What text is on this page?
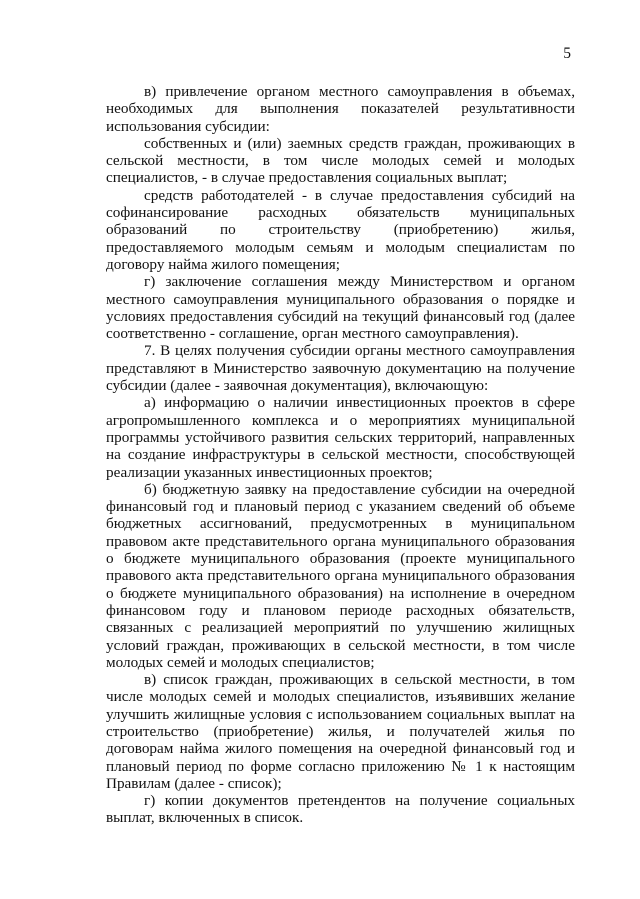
5

в) привлечение органом местного самоуправления в объемах, необходимых для выполнения показателей результативности использования субсидии:

собственных и (или) заемных средств граждан, проживающих в сельской местности, в том числе молодых семей и молодых специалистов, - в случае предоставления социальных выплат;

средств работодателей - в случае предоставления субсидий на софинансирование расходных обязательств муниципальных образований по строительству (приобретению) жилья, предоставляемого молодым семьям и молодым специалистам по договору найма жилого помещения;

г) заключение соглашения между Министерством и органом местного самоуправления муниципального образования о порядке и условиях предоставления субсидий на текущий финансовый год (далее соответственно - соглашение, орган местного самоуправления).

7. В целях получения субсидии органы местного самоуправления представляют в Министерство заявочную документацию на получение субсидии (далее - заявочная документация), включающую:

а) информацию о наличии инвестиционных проектов в сфере агропромышленного комплекса и о мероприятиях муниципальной программы устойчивого развития сельских территорий, направленных на создание инфраструктуры в сельской местности, способствующей реализации указанных инвестиционных проектов;

б) бюджетную заявку на предоставление субсидии на очередной финансовый год и плановый период с указанием сведений об объеме бюджетных ассигнований, предусмотренных в муниципальном правовом акте представительного органа муниципального образования о бюджете муниципального образования (проекте муниципального правового акта представительного органа муниципального образования о бюджете муниципального образования) на исполнение в очередном финансовом году и плановом периоде расходных обязательств, связанных с реализацией мероприятий по улучшению жилищных условий граждан, проживающих в сельской местности, в том числе молодых семей и молодых специалистов;

в) список граждан, проживающих в сельской местности, в том числе молодых семей и молодых специалистов, изъявивших желание улучшить жилищные условия с использованием социальных выплат на строительство (приобретение) жилья, и получателей жилья по договорам найма жилого помещения на очередной финансовый год и плановый период по форме согласно приложению № 1 к настоящим Правилам (далее - список);

г) копии документов претендентов на получение социальных выплат, включенных в список.
